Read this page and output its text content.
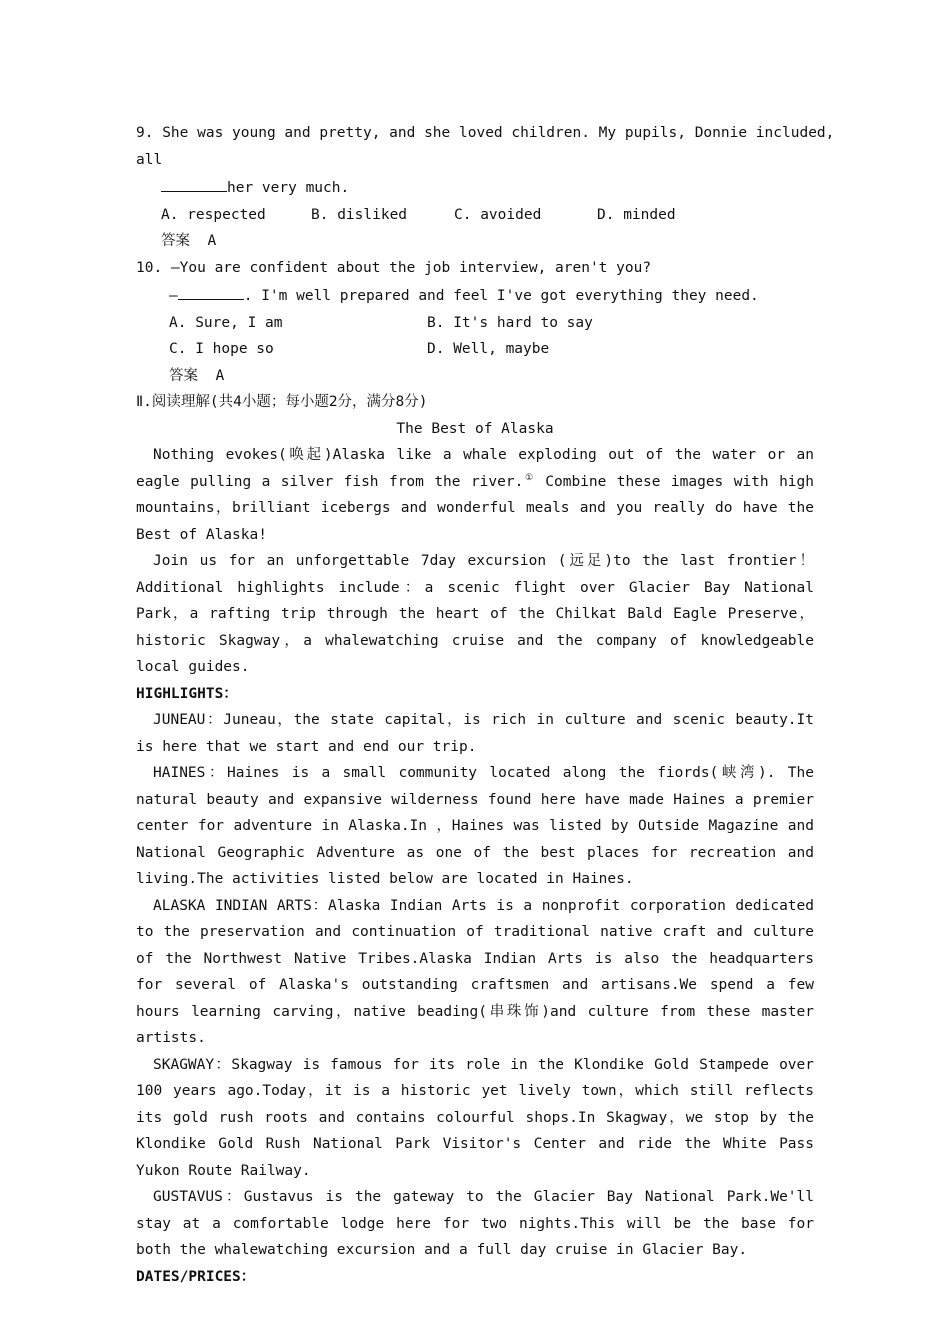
9. She was young and pretty, and she loved children. My pupils, Donnie included,
all
her very much.
A. respected	B. disliked	C. avoided	D. minded
答案  A
10. —You are confident about the job interview, aren't you?
—	. I'm well prepared and feel I've got everything they need.
A. Sure, I am	B. It's hard to say
C. I hope so	D. Well, maybe
答案  A
Ⅱ.阅读理解(共4小题；每小题2分，满分8分)
The Best of Alaska

Nothing evokes(唤起)Alaska like a whale exploding out of the water or an eagle pulling a silver fish from the river.① Combine these images with high mountains，brilliant icebergs and wonderful meals and you really do have the Best of Alaska!

Join us for an unforgettable 7day excursion (远足)to the last frontier！Additional highlights include：a scenic flight over Glacier Bay National Park，a rafting trip through the heart of the Chilkat Bald Eagle Preserve，historic Skagway，a whalewatching cruise and the company of knowledgeable local guides.

HIGHLIGHTS：

JUNEAU：Juneau，the state capital，is rich in culture and scenic beauty.It is here that we start and end our trip.

HAINES：Haines is a small community located along the fiords(峡湾). The natural beauty and expansive wilderness found here have made Haines a premier center for adventure in Alaska.In ，Haines was listed by Outside Magazine and National Geographic Adventure as one of the best places for recreation and living.The activities listed below are located in Haines.

ALASKA INDIAN ARTS：Alaska Indian Arts is a nonprofit corporation dedicated to the preservation and continuation of traditional native craft and culture of the Northwest Native Tribes.Alaska Indian Arts is also the headquarters for several of Alaska's outstanding craftsmen and artisans.We spend a few hours learning carving，native beading(串珠饰)and culture from these master artists.

SKAGWAY：Skagway is famous for its role in the Klondike Gold Stampede over 100 years ago.Today，it is a historic yet lively town，which still reflects its gold rush roots and contains colourful shops.In Skagway，we stop by the Klondike Gold Rush National Park Visitor's Center and ride the White Pass Yukon Route Railway.

GUSTAVUS：Gustavus is the gateway to the Glacier Bay National Park.We'll stay at a comfortable lodge here for two nights.This will be the base for both the whalewatching excursion and a full day cruise in Glacier Bay.

DATES/PRICES：
